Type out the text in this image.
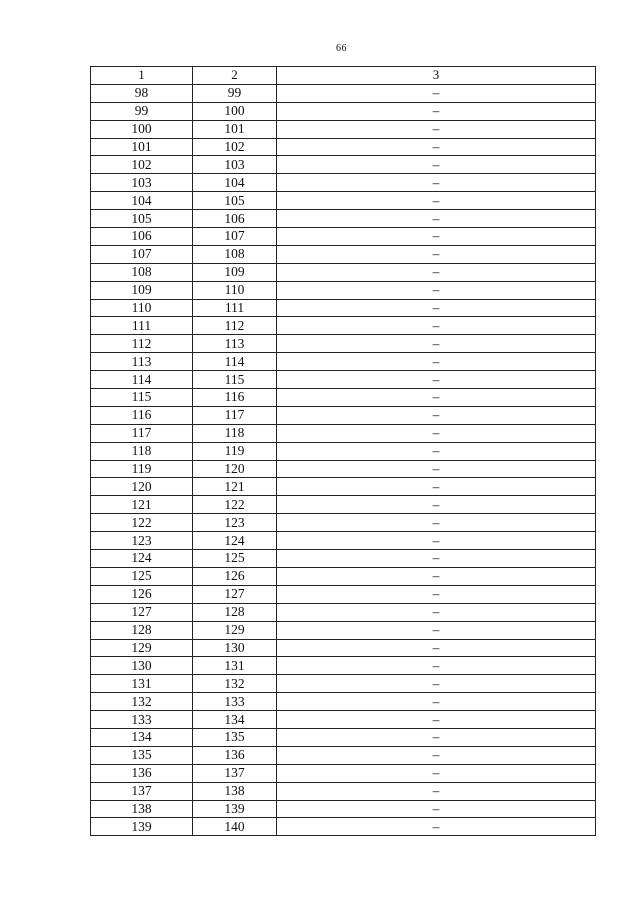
66
1	2	3
98	99	–
99	100	–
100	101	–
101	102	–
102	103	–
103	104	–
104	105	–
105	106	–
106	107	–
107	108	–
108	109	–
109	110	–
110	111	–
111	112	–
112	113	–
113	114	–
114	115	–
115	116	–
116	117	–
117	118	–
118	119	–
119	120	–
120	121	–
121	122	–
122	123	–
123	124	–
124	125	–
125	126	–
126	127	–
127	128	–
128	129	–
129	130	–
130	131	–
131	132	–
132	133	–
133	134	–
134	135	–
135	136	–
136	137	–
137	138	–
138	139	–
139	140	–
